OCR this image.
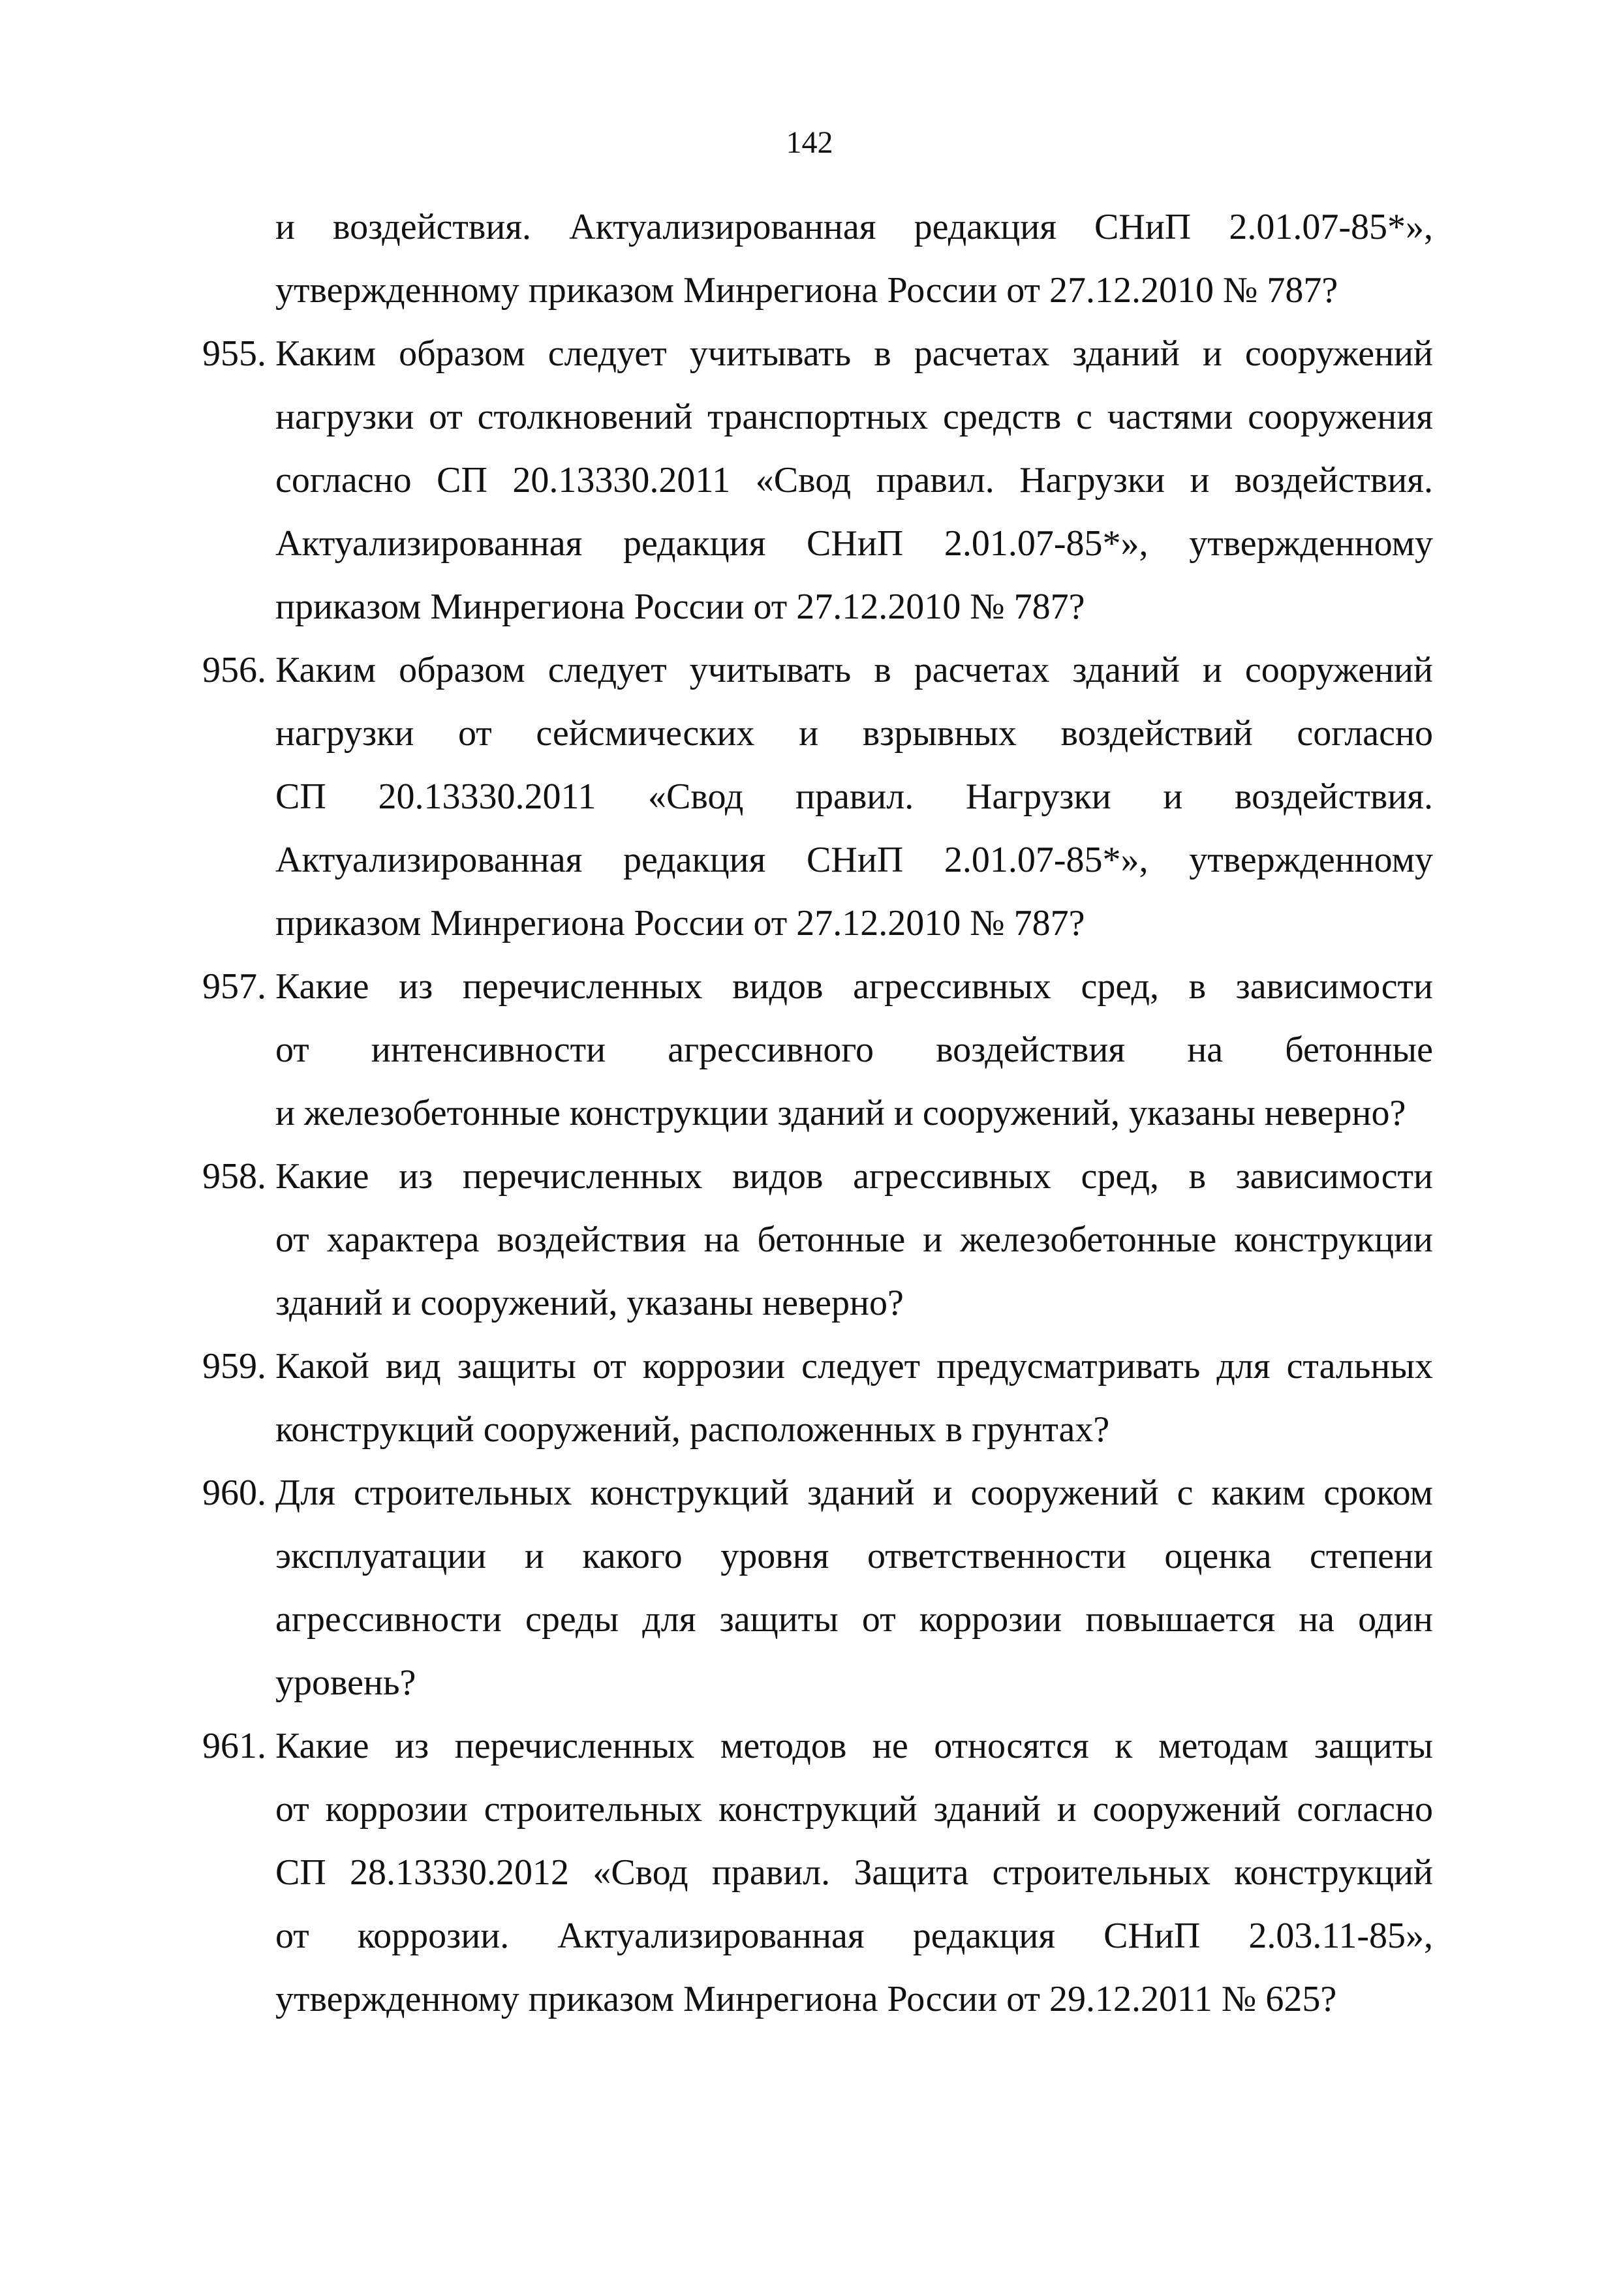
142
и воздействия. Актуализированная редакция СНиП 2.01.07-85*»,
утвержденному приказом Минрегиона России от 27.12.2010 № 787?
955. Каким образом следует учитывать в расчетах зданий и сооружений
нагрузки от столкновений транспортных средств с частями сооружения
согласно СП 20.13330.2011 «Свод правил. Нагрузки и воздействия.
Актуализированная редакция СНиП 2.01.07-85*», утвержденному
приказом Минрегиона России от 27.12.2010 № 787?
956. Каким образом следует учитывать в расчетах зданий и сооружений
нагрузки от сейсмических и взрывных воздействий согласно
СП 20.13330.2011 «Свод правил. Нагрузки и воздействия.
Актуализированная редакция СНиП 2.01.07-85*», утвержденному
приказом Минрегиона России от 27.12.2010 № 787?
957. Какие из перечисленных видов агрессивных сред, в зависимости
от интенсивности агрессивного воздействия на бетонные
и железобетонные конструкции зданий и сооружений, указаны неверно?
958. Какие из перечисленных видов агрессивных сред, в зависимости
от характера воздействия на бетонные и железобетонные конструкции
зданий и сооружений, указаны неверно?
959. Какой вид защиты от коррозии следует предусматривать для стальных
конструкций сооружений, расположенных в грунтах?
960. Для строительных конструкций зданий и сооружений с каким сроком
эксплуатации и какого уровня ответственности оценка степени
агрессивности среды для защиты от коррозии повышается на один
уровень?
961. Какие из перечисленных методов не относятся к методам защиты
от коррозии строительных конструкций зданий и сооружений согласно
СП 28.13330.2012 «Свод правил. Защита строительных конструкций
от коррозии. Актуализированная редакция СНиП 2.03.11-85»,
утвержденному приказом Минрегиона России от 29.12.2011 № 625?
